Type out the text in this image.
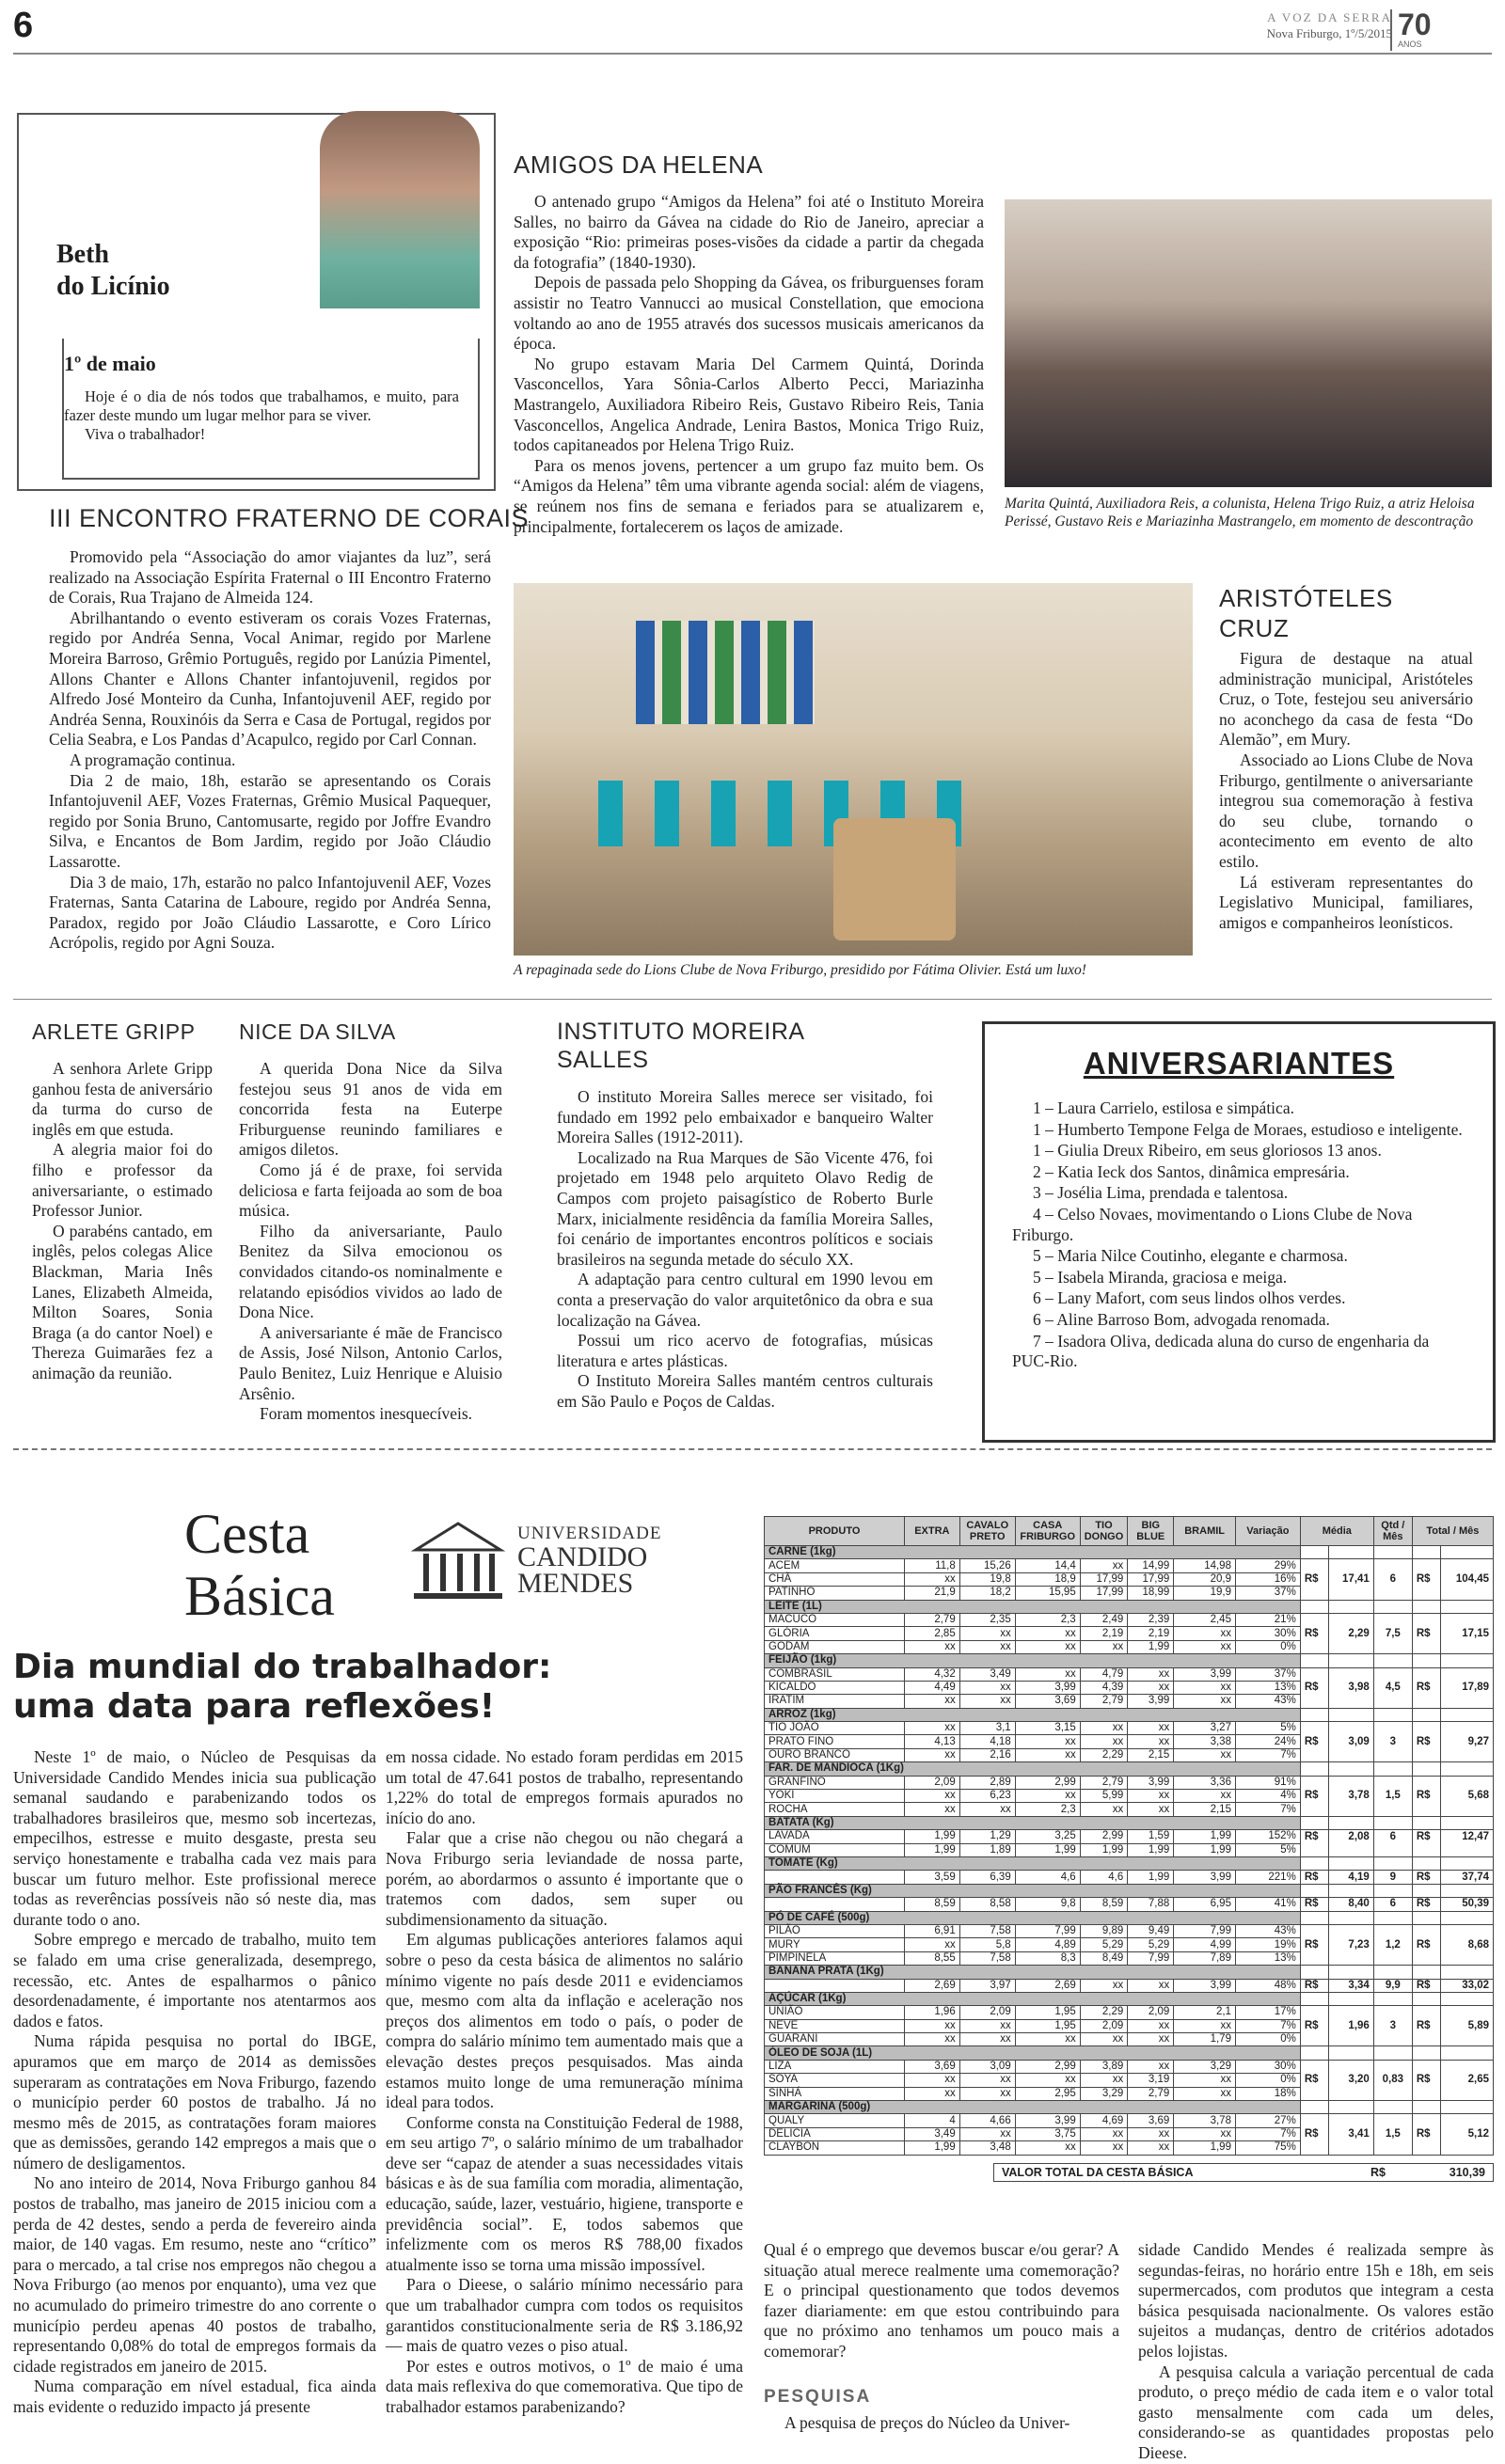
6	A VOZ DA SERRA
Nova Friburgo, 1º/5/2015 70
ANOS
Beth
do Licínio
1º de maio

Hoje é o dia de nós todos que trabalhamos, e muito, para fazer deste mundo um lugar melhor para se viver.

Viva o trabalhador!

III ENCONTRO FRATERNO DE CORAIS

Promovido pela “Associação do amor viajantes da luz”, será realizado na Associação Espírita Fraternal o III Encontro Fraterno de Corais, Rua Trajano de Almeida 124.

Abrilhantando o evento estiveram os corais Vozes Fraternas, regido por Andréa Senna, Vocal Animar, regido por Marlene Moreira Barroso, Grêmio Português, regido por Lanúzia Pimentel, Allons Chanter e Allons Chanter infantojuvenil, regidos por Alfredo José Monteiro da Cunha, Infantojuvenil AEF, regido por Andréa Senna, Rouxinóis da Serra e Casa de Portugal, regidos por Celia Seabra, e Los Pandas d’Acapulco, regido por Carl Connan.

A programação continua.

Dia 2 de maio, 18h, estarão se apresentando os Corais Infantojuvenil AEF, Vozes Fraternas, Grêmio Musical Paquequer, regido por Sonia Bruno, Cantomusarte, regido por Joffre Evandro Silva, e Encantos de Bom Jardim, regido por João Cláudio Lassarotte.

Dia 3 de maio, 17h, estarão no palco Infantojuvenil AEF, Vozes Fraternas, Santa Catarina de Laboure, regido por Andréa Senna, Paradox, regido por João Cláudio Lassarotte, e Coro Lírico Acrópolis, regido por Agni Souza.

AMIGOS DA HELENA

O antenado grupo “Amigos da Helena” foi até o Instituto Moreira Salles, no bairro da Gávea na cidade do Rio de Janeiro, apreciar a exposição “Rio: primeiras poses-visões da cidade a partir da chegada da fotografia” (1840-1930).

Depois de passada pelo Shopping da Gávea, os friburguenses foram assistir no Teatro Vannucci ao musical Constellation, que emociona voltando ao ano de 1955 através dos sucessos musicais americanos da época.

No grupo estavam Maria Del Carmem Quintá, Dorinda Vasconcellos, Yara Sônia-Carlos Alberto Pecci, Mariazinha Mastrangelo, Auxiliadora Ribeiro Reis, Gustavo Ribeiro Reis, Tania Vasconcellos, Angelica Andrade, Lenira Bastos, Monica Trigo Ruiz, todos capitaneados por Helena Trigo Ruiz.

Para os menos jovens, pertencer a um grupo faz muito bem. Os “Amigos da Helena” têm uma vibrante agenda social: além de viagens, se reúnem nos fins de semana e feriados para se atualizarem e, principalmente, fortalecerem os laços de amizade.

Marita Quintá, Auxiliadora Reis, a colunista, Helena Trigo Ruiz, a atriz Heloisa Perissé, Gustavo Reis e Mariazinha Mastrangelo, em momento de descontração
A repaginada sede do Lions Clube de Nova Friburgo, presidido por Fátima Olivier. Está um luxo!
ARISTÓTELES
CRUZ

Figura de destaque na atual administração municipal, Aristóteles Cruz, o Tote, festejou seu aniversário no aconchego da casa de festa “Do Alemão”, em Mury.

Associado ao Lions Clube de Nova Friburgo, gentilmente o aniversariante integrou sua comemoração à festiva do seu clube, tornando o acontecimento em evento de alto estilo.

Lá estiveram representantes do Legislativo Municipal, familiares, amigos e companheiros leonísticos.

ARLETE GRIPP

A senhora Arlete Gripp ganhou festa de aniversário da turma do curso de inglês em que estuda.

A alegria maior foi do filho e professor da aniversariante, o estimado Professor Junior.

O parabéns cantado, em inglês, pelos colegas Alice Blackman, Maria Inês Lanes, Elizabeth Almeida, Milton Soares, Sonia Braga (a do cantor Noel) e Thereza Guimarães fez a animação da reunião.

NICE DA SILVA

A querida Dona Nice da Silva festejou seus 91 anos de vida em concorrida festa na Euterpe Friburguense reunindo familiares e amigos diletos.

Como já é de praxe, foi servida deliciosa e farta feijoada ao som de boa música.

Filho da aniversariante, Paulo Benitez da Silva emocionou os convidados citando-os nominalmente e relatando episódios vividos ao lado de Dona Nice.

A aniversariante é mãe de Francisco de Assis, José Nilson, Antonio Carlos, Paulo Benitez, Luiz Henrique e Aluisio Arsênio.

Foram momentos inesquecíveis.

INSTITUTO MOREIRA
SALLES

O instituto Moreira Salles merece ser visitado, foi fundado em 1992 pelo embaixador e banqueiro Walter Moreira Salles (1912-2011).

Localizado na Rua Marques de São Vicente 476, foi projetado em 1948 pelo arquiteto Olavo Redig de Campos com projeto paisagístico de Roberto Burle Marx, inicialmente residência da família Moreira Salles, foi cenário de importantes encontros políticos e sociais brasileiros na segunda metade do século XX.

A adaptação para centro cultural em 1990 levou em conta a preservação do valor arquitetônico da obra e sua localização na Gávea.

Possui um rico acervo de fotografias, músicas literatura e artes plásticas.

O Instituto Moreira Salles mantém centros culturais em São Paulo e Poços de Caldas.

ANIVERSARIANTES

1 – Laura Carrielo, estilosa e simpática.

1 – Humberto Tempone Felga de Moraes, estudioso e inteligente.

1 – Giulia Dreux Ribeiro, em seus gloriosos 13 anos.

2 – Katia Ieck dos Santos, dinâmica empresária.

3 – Josélia Lima, prendada e talentosa.

4 – Celso Novaes, movimentando o Lions Clube de Nova Friburgo.

5 – Maria Nilce Coutinho, elegante e charmosa.

5 – Isabela Miranda, graciosa e meiga.

6 – Lany Mafort, com seus lindos olhos verdes.

6 – Aline Barroso Bom, advogada renomada.

7 – Isadora Oliva, dedicada aluna do curso de engenharia da PUC-Rio.

Cesta
Básica
UNIVERSIDADE
CANDIDO
MENDES
Dia mundial do trabalhador:
uma data para reflexões!

Neste 1º de maio, o Núcleo de Pesquisas da Universidade Candido Mendes inicia sua publicação semanal saudando e parabenizando todos os trabalhadores brasileiros que, mesmo sob incertezas, empecilhos, estresse e muito desgaste, presta seu serviço honestamente e trabalha cada vez mais para buscar um futuro melhor. Este profissional merece todas as reverências possíveis não só neste dia, mas durante todo o ano.

Sobre emprego e mercado de trabalho, muito tem se falado em uma crise generalizada, desemprego, recessão, etc. Antes de espalharmos o pânico desordenadamente, é importante nos atentarmos aos dados e fatos.

Numa rápida pesquisa no portal do IBGE, apuramos que em março de 2014 as demissões superaram as contratações em Nova Friburgo, fazendo o município perder 60 postos de trabalho. Já no mesmo mês de 2015, as contratações foram maiores que as demissões, gerando 142 empregos a mais que o número de desligamentos.

No ano inteiro de 2014, Nova Friburgo ganhou 84 postos de trabalho, mas janeiro de 2015 iniciou com a perda de 42 destes, sendo a perda de fevereiro ainda maior, de 140 vagas. Em resumo, neste ano “crítico” para o mercado, a tal crise nos empregos não chegou a Nova Friburgo (ao menos por enquanto), uma vez que no acumulado do primeiro trimestre do ano corrente o município perdeu apenas 40 postos de trabalho, representando 0,08% do total de empregos formais da cidade registrados em janeiro de 2015.

Numa comparação em nível estadual, fica ainda mais evidente o reduzido impacto já presente

em nossa cidade. No estado foram perdidas em 2015 um total de 47.641 postos de trabalho, representando 1,22% do total de empregos formais apurados no início do ano.

Falar que a crise não chegou ou não chegará a Nova Friburgo seria leviandade de nossa parte, porém, ao abordarmos o assunto é importante que o tratemos com dados, sem super ou subdimensionamento da situação.

Em algumas publicações anteriores falamos aqui sobre o peso da cesta básica de alimentos no salário mínimo vigente no país desde 2011 e evidenciamos que, mesmo com alta da inflação e aceleração nos preços dos alimentos em todo o país, o poder de compra do salário mínimo tem aumentado mais que a elevação destes preços pesquisados. Mas ainda estamos muito longe de uma remuneração mínima ideal para todos.

Conforme consta na Constituição Federal de 1988, em seu artigo 7º, o salário mínimo de um trabalhador deve ser “capaz de atender a suas necessidades vitais básicas e às de sua família com moradia, alimentação, educação, saúde, lazer, vestuário, higiene, transporte e previdência social”. E, todos sabemos que infelizmente com os meros R$ 788,00 fixados atualmente isso se torna uma missão impossível.

Para o Dieese, o salário mínimo necessário para que um trabalhador cumpra com todos os requisitos garantidos constitucionalmente seria de R$ 3.186,92 — mais de quatro vezes o piso atual.

Por estes e outros motivos, o 1º de maio é uma data mais reflexiva do que comemorativa. Que tipo de trabalhador estamos parabenizando?

PRODUTO	EXTRA	CAVALO PRETO	CASA FRIBURGO	TIO DONGO	BIG BLUE	BRAMIL	Variação	Média		Qtd / Mês	Total / Mês	
CARNE (1kg)												
ACEM	11,8	15,26	14,4	xx	14,99	14,98	29%					
CHÃ	xx	19,8	18,9	17,99	17,99	20,9	16%	R$	17,41	6	R$	104,45
PATINHO	21,9	18,2	15,95	17,99	18,99	19,9	37%					
LEITE (1L)												
MACUCO	2,79	2,35	2,3	2,49	2,39	2,45	21%					
GLÓRIA	2,85	xx	xx	2,19	2,19	xx	30%	R$	2,29	7,5	R$	17,15
GODAM	xx	xx	xx	xx	1,99	xx	0%					
FEIJÃO (1kg)												
COMBRASIL	4,32	3,49	xx	4,79	xx	3,99	37%					
KICALDO	4,49	xx	3,99	4,39	xx	xx	13%	R$	3,98	4,5	R$	17,89
IRATIM	xx	xx	3,69	2,79	3,99	xx	43%					
ARROZ (1kg)												
TIO JOÃO	xx	3,1	3,15	xx	xx	3,27	5%					
PRATO FINO	4,13	4,18	xx	xx	xx	3,38	24%	R$	3,09	3	R$	9,27
OURO BRANCO	xx	2,16	xx	2,29	2,15	xx	7%					
FAR. DE MANDIOCA (1Kg)												
GRANFINO	2,09	2,89	2,99	2,79	3,99	3,36	91%					
YOKI	xx	6,23	xx	5,99	xx	xx	4%	R$	3,78	1,5	R$	5,68
ROCHA	xx	xx	2,3	xx	xx	2,15	7%					
BATATA (Kg)												
LAVADA	1,99	1,29	3,25	2,99	1,59	1,99	152%	R$	2,08	6	R$	12,47
COMUM	1,99	1,89	1,99	1,99	1,99	1,99	5%					
TOMATE (Kg)												
	3,59	6,39	4,6	4,6	1,99	3,99	221%	R$	4,19	9	R$	37,74
PÃO FRANCÊS (Kg)												
	8,59	8,58	9,8	8,59	7,88	6,95	41%	R$	8,40	6	R$	50,39
PÓ DE CAFÉ (500g)												
PILÃO	6,91	7,58	7,99	9,89	9,49	7,99	43%					
MURY	xx	5,8	4,89	5,29	5,29	4,99	19%	R$	7,23	1,2	R$	8,68
PIMPINELA	8,55	7,58	8,3	8,49	7,99	7,89	13%					
BANANA PRATA (1Kg)												
	2,69	3,97	2,69	xx	xx	3,99	48%	R$	3,34	9,9	R$	33,02
AÇÚCAR (1Kg)												
UNIÃO	1,96	2,09	1,95	2,29	2,09	2,1	17%					
NEVE	xx	xx	1,95	2,09	xx	xx	7%	R$	1,96	3	R$	5,89
GUARANI	xx	xx	xx	xx	xx	1,79	0%					
ÓLEO DE SOJA (1L)												
LIZA	3,69	3,09	2,99	3,89	xx	3,29	30%					
SOYA	xx	xx	xx	xx	3,19	xx	0%	R$	3,20	0,83	R$	2,65
SINHÁ	xx	xx	2,95	3,29	2,79	xx	18%					
MARGARINA (500g)												
QUALY	4	4,66	3,99	4,69	3,69	3,78	27%					
DELICIA	3,49	xx	3,75	xx	xx	xx	7%	R$	3,41	1,5	R$	5,12
CLAYBON	1,99	3,48	xx	xx	xx	1,99	75%					
VALOR TOTAL DA CESTA BÁSICA	R$	310,39

Qual é o emprego que devemos buscar e/ou gerar? A situação atual merece realmente uma comemoração? E o principal questionamento que todos devemos fazer diariamente: em que estou contribuindo para que no próximo ano tenhamos um pouco mais a comemorar?

PESQUISA
A pesquisa de preços do Núcleo da Univer-

sidade Candido Mendes é realizada sempre às segundas-feiras, no horário entre 15h e 18h, em seis supermercados, com produtos que integram a cesta básica pesquisada nacionalmente. Os valores estão sujeitos a mudanças, dentro de critérios adotados pelos lojistas.

A pesquisa calcula a variação percentual de cada produto, o preço médio de cada item e o valor total gasto mensalmente com cada um deles, considerando-se as quantidades propostas pelo Dieese.
